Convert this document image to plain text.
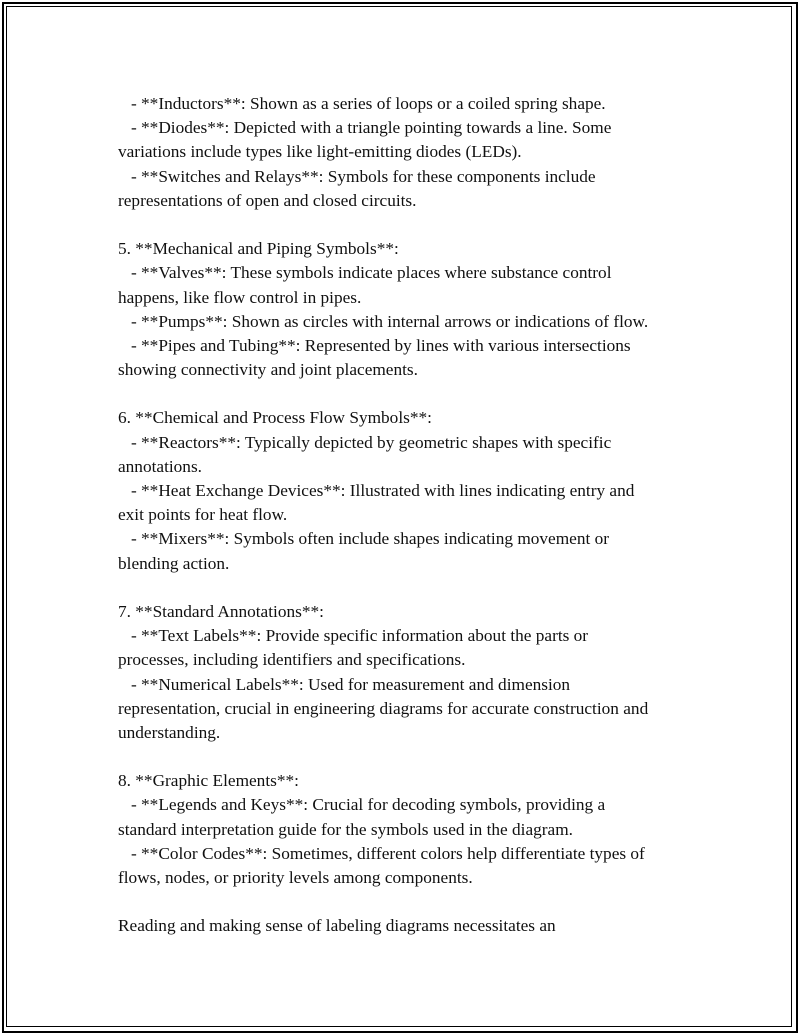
- **Inductors**: Shown as a series of loops or a coiled spring shape.
- **Diodes**: Depicted with a triangle pointing towards a line. Some
variations include types like light-emitting diodes (LEDs).
- **Switches and Relays**: Symbols for these components include
representations of open and closed circuits.
5. **Mechanical and Piping Symbols**:
- **Valves**: These symbols indicate places where substance control
happens, like flow control in pipes.
- **Pumps**: Shown as circles with internal arrows or indications of flow.
- **Pipes and Tubing**: Represented by lines with various intersections
showing connectivity and joint placements.
6. **Chemical and Process Flow Symbols**:
- **Reactors**: Typically depicted by geometric shapes with specific
annotations.
- **Heat Exchange Devices**: Illustrated with lines indicating entry and
exit points for heat flow.
- **Mixers**: Symbols often include shapes indicating movement or
blending action.
7. **Standard Annotations**:
- **Text Labels**: Provide specific information about the parts or
processes, including identifiers and specifications.
- **Numerical Labels**: Used for measurement and dimension
representation, crucial in engineering diagrams for accurate construction and
understanding.
8. **Graphic Elements**:
- **Legends and Keys**: Crucial for decoding symbols, providing a
standard interpretation guide for the symbols used in the diagram.
- **Color Codes**: Sometimes, different colors help differentiate types of
flows, nodes, or priority levels among components.
Reading and making sense of labeling diagrams necessitates an
